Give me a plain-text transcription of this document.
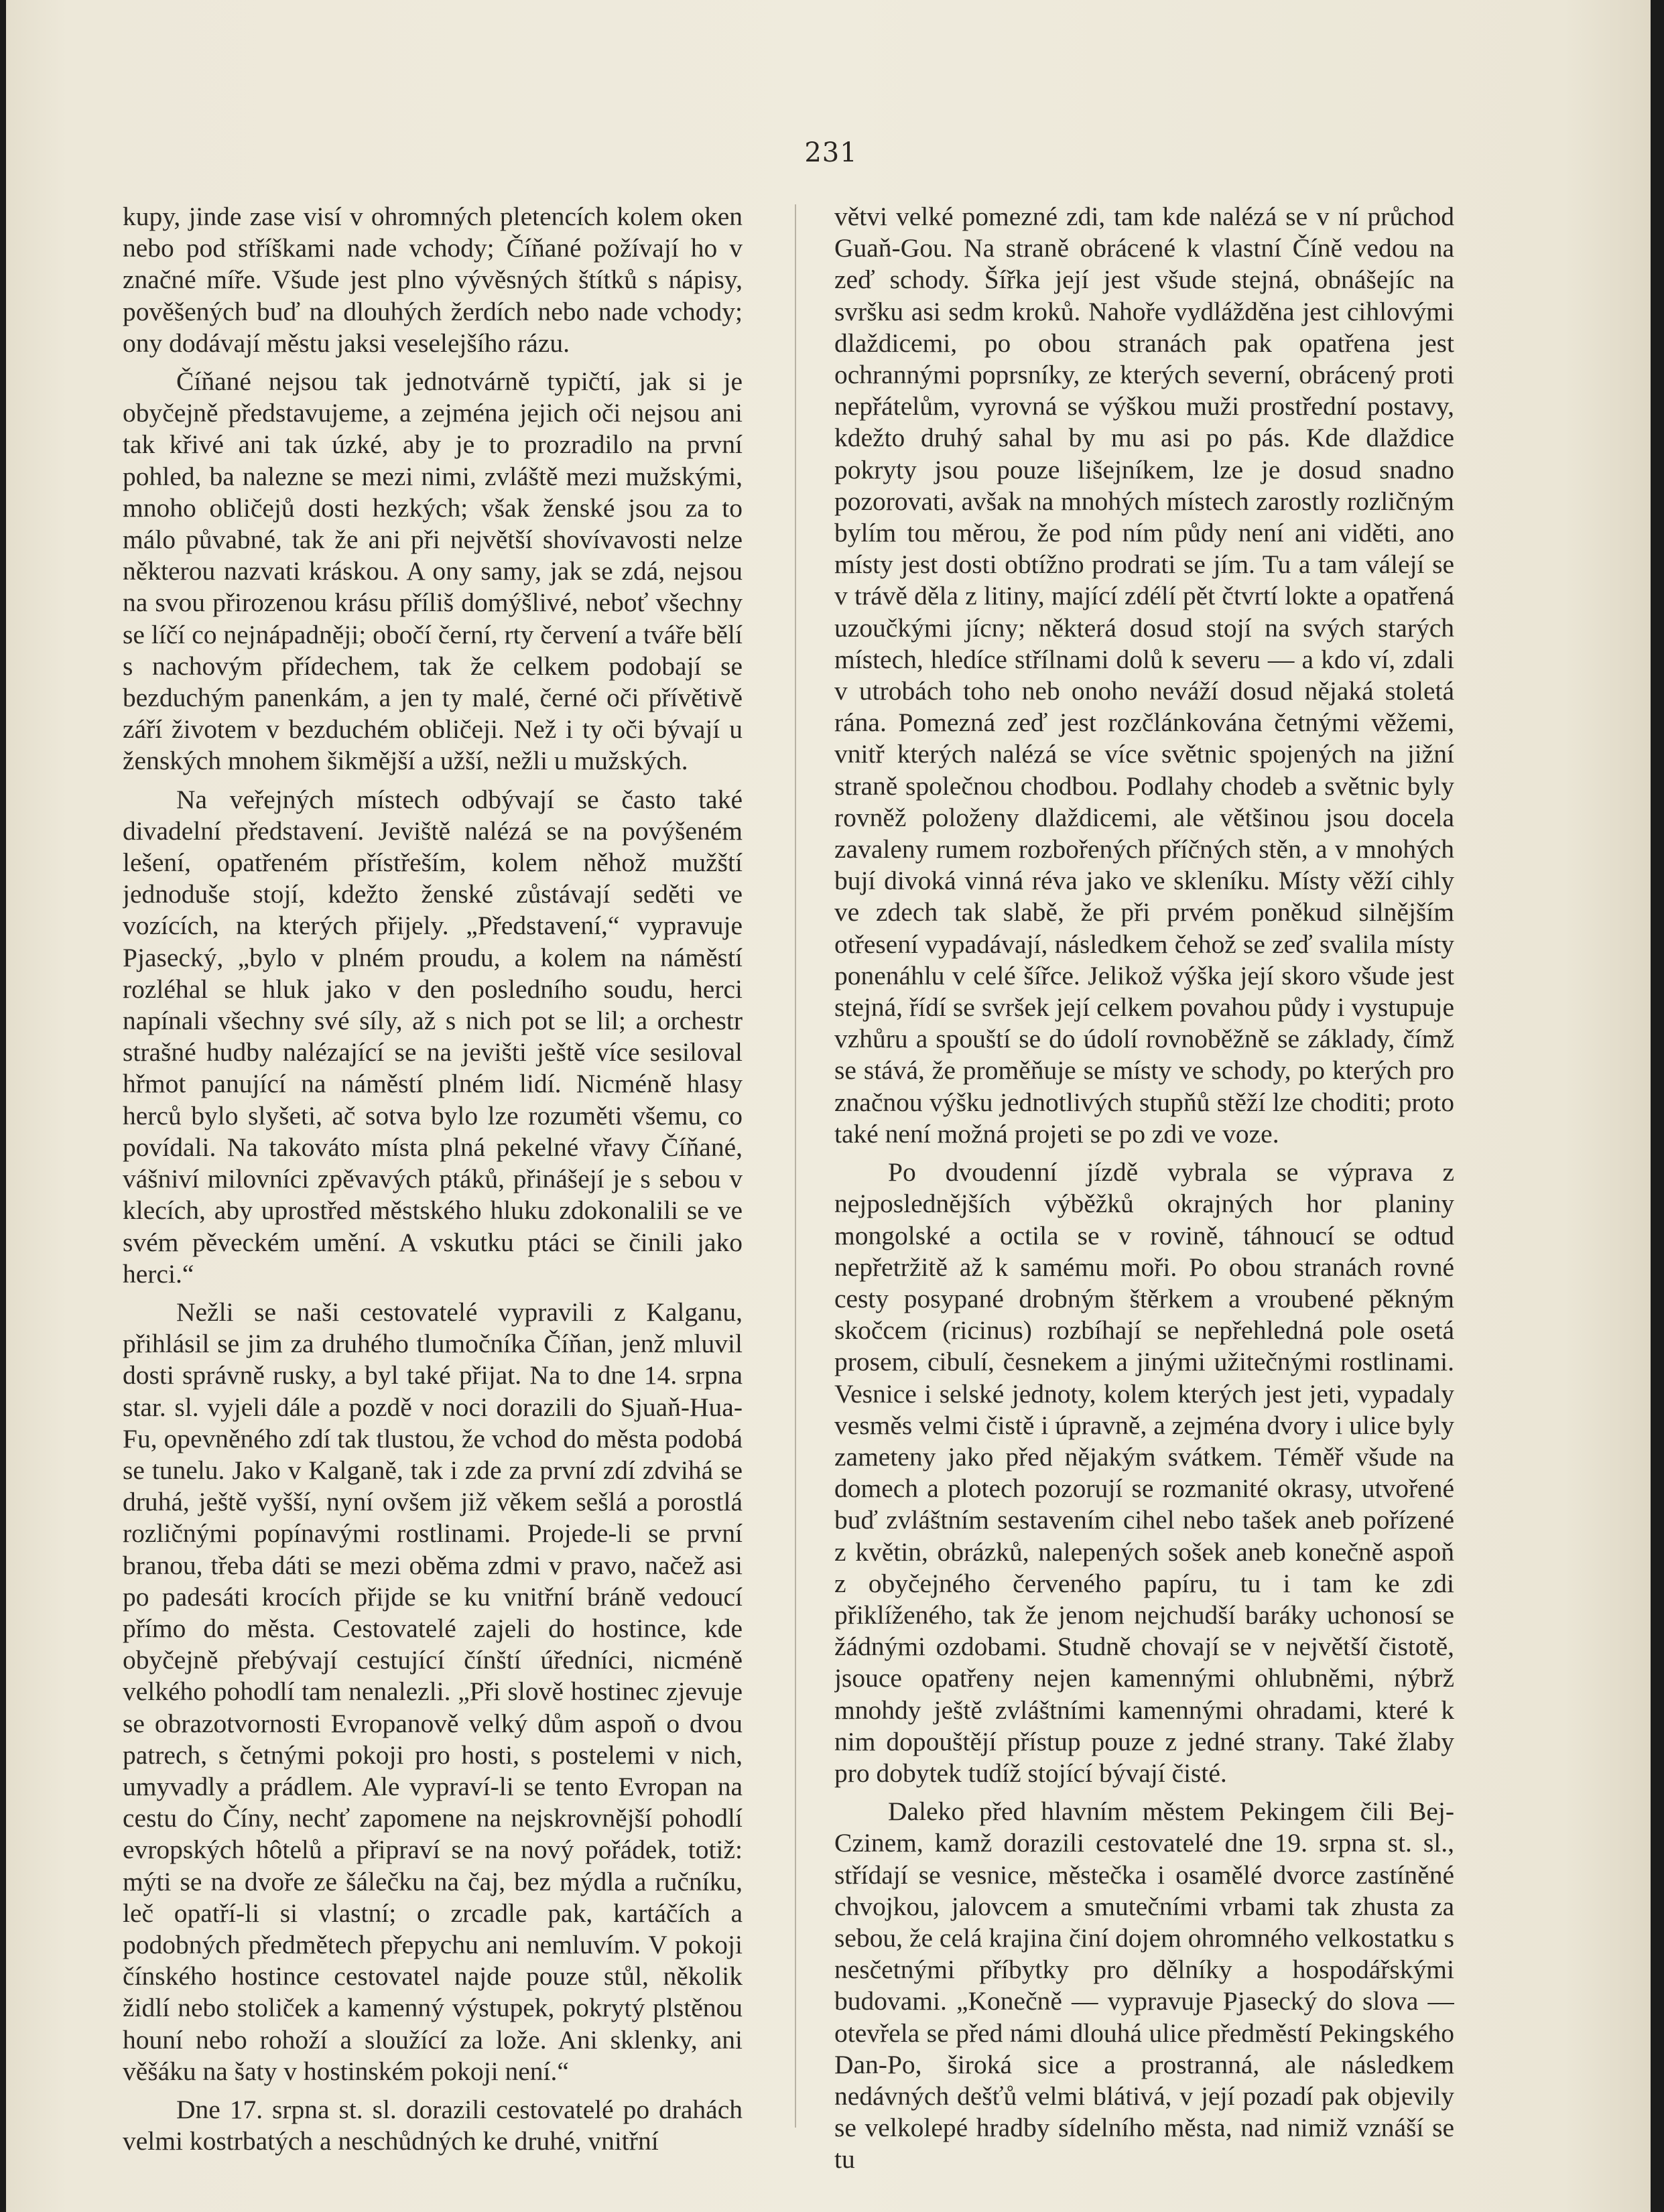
231

kupy, jinde zase visí v ohromných pletencích kolem oken nebo pod stříškami nade vchody; Číňané požívají ho v značné míře. Všude jest plno vývěsných štítků s nápisy, pověšených buď na dlouhých žerdích nebo nade vchody; ony dodávají městu jaksi veselejšího rázu.

Číňané nejsou tak jednotvárně typičtí, jak si je obyčejně představujeme, a zejména jejich oči nejsou ani tak křivé ani tak úzké, aby je to prozradilo na první pohled, ba nalezne se mezi nimi, zvláště mezi mužskými, mnoho obličejů dosti hezkých; však ženské jsou za to málo půvabné, tak že ani při největší shovívavosti nelze některou nazvati kráskou. A ony samy, jak se zdá, nejsou na svou přirozenou krásu příliš domýšlivé, neboť všechny se líčí co nejnápadněji; obočí černí, rty červení a tváře bělí s nachovým přídechem, tak že celkem podobají se bezduchým panenkám, a jen ty malé, černé oči přívětivě září životem v bezduchém obličeji. Než i ty oči bývají u ženských mnohem šikmější a užší, nežli u mužských.

Na veřejných místech odbývají se často také divadelní představení. Jeviště nalézá se na povýšeném lešení, opatřeném přístřeším, kolem něhož mužští jednoduše stojí, kdežto ženské zůstávají seděti ve vozících, na kterých přijely. „Představení,“ vypravuje Pjasecký, „bylo v plném proudu, a kolem na náměstí rozléhal se hluk jako v den posledního soudu, herci napínali všechny své síly, až s nich pot se lil; a orchestr strašné hudby nalézající se na jevišti ještě více sesiloval hřmot panující na náměstí plném lidí. Nicméně hlasy herců bylo slyšeti, ač sotva bylo lze rozuměti všemu, co povídali. Na takováto místa plná pekelné vřavy Číňané, vášniví milovníci zpěvavých ptáků, přinášejí je s sebou v klecích, aby uprostřed městského hluku zdokonalili se ve svém pěveckém umění. A vskutku ptáci se činili jako herci.“

Nežli se naši cestovatelé vypravili z Kalganu, přihlásil se jim za druhého tlumočníka Číňan, jenž mluvil dosti správně rusky, a byl také přijat. Na to dne 14. srpna star. sl. vyjeli dále a pozdě v noci dorazili do Sjuaň-Hua-Fu, opevněného zdí tak tlustou, že vchod do města podobá se tunelu. Jako v Kalganě, tak i zde za první zdí zdvihá se druhá, ještě vyšší, nyní ovšem již věkem sešlá a porostlá rozličnými popínavými rostlinami. Projede-li se první branou, třeba dáti se mezi oběma zdmi v pravo, načež asi po padesáti krocích přijde se ku vnitřní bráně vedoucí přímo do města. Cestovatelé zajeli do hostince, kde obyčejně přebývají cestující čínští úředníci, nicméně velkého pohodlí tam nenalezli. „Při slově hostinec zjevuje se obrazotvornosti Evropanově velký dům aspoň o dvou patrech, s četnými pokoji pro hosti, s postelemi v nich, umyvadly a prádlem. Ale vypraví-li se tento Evropan na cestu do Číny, nechť zapomene na nejskrovnější pohodlí evropských hôtelů a připraví se na nový pořádek, totiž: mýti se na dvoře ze šálečku na čaj, bez mýdla a ručníku, leč opatří-li si vlastní; o zrcadle pak, kartáčích a podobných předmětech přepychu ani nemluvím. V pokoji čínského hostince cestovatel najde pouze stůl, několik židlí nebo stoliček a kamenný výstupek, pokrytý plstěnou houní nebo rohoží a sloužící za lože. Ani sklenky, ani věšáku na šaty v hostinském pokoji není.“

Dne 17. srpna st. sl. dorazili cestovatelé po drahách velmi kostrbatých a neschůdných ke druhé, vnitřní

větvi velké pomezné zdi, tam kde nalézá se v ní průchod Guaň-Gou. Na straně obrácené k vlastní Číně vedou na zeď schody. Šířka její jest všude stejná, obnášejíc na svršku asi sedm kroků. Nahoře vydlážděna jest cihlovými dlaždicemi, po obou stranách pak opatřena jest ochrannými poprsníky, ze kterých severní, obrácený proti nepřátelům, vyrovná se výškou muži prostřední postavy, kdežto druhý sahal by mu asi po pás. Kde dlaždice pokryty jsou pouze lišejníkem, lze je dosud snadno pozorovati, avšak na mnohých místech zarostly rozličným bylím tou měrou, že pod ním půdy není ani viděti, ano místy jest dosti obtížno prodrati se jím. Tu a tam válejí se v trávě děla z litiny, mající zdélí pět čtvrtí lokte a opatřená uzoučkými jícny; některá dosud stojí na svých starých místech, hledíce střílnami dolů k severu — a kdo ví, zdali v utrobách toho neb onoho neváží dosud nějaká stoletá rána. Pomezná zeď jest rozčlánkována četnými věžemi, vnitř kterých nalézá se více světnic spojených na jižní straně společnou chodbou. Podlahy chodeb a světnic byly rovněž položeny dlaždicemi, ale většinou jsou docela zavaleny rumem rozbořených příčných stěn, a v mnohých bují divoká vinná réva jako ve skleníku. Místy věží cihly ve zdech tak slabě, že při prvém poněkud silnějším otřesení vypadávají, následkem čehož se zeď svalila místy ponenáhlu v celé šířce. Jelikož výška její skoro všude jest stejná, řídí se svršek její celkem povahou půdy i vystupuje vzhůru a spouští se do údolí rovnoběžně se základy, čímž se stává, že proměňuje se místy ve schody, po kterých pro značnou výšku jednotlivých stupňů stěží lze choditi; proto také není možná projeti se po zdi ve voze.

Po dvoudenní jízdě vybrala se výprava z nejposlednějších výběžků okrajných hor planiny mongolské a octila se v rovině, táhnoucí se odtud nepřetržitě až k samému moři. Po obou stranách rovné cesty posypané drobným štěrkem a vroubené pěkným skočcem (ricinus) rozbíhají se nepřehledná pole osetá prosem, cibulí, česnekem a jinými užitečnými rostlinami. Vesnice i selské jednoty, kolem kterých jest jeti, vypadaly vesměs velmi čistě i úpravně, a zejména dvory i ulice byly zameteny jako před nějakým svátkem. Téměř všude na domech a plotech pozorují se rozmanité okrasy, utvořené buď zvláštním sestavením cihel nebo tašek aneb pořízené z květin, obrázků, nalepených sošek aneb konečně aspoň z obyčejného červeného papíru, tu i tam ke zdi přiklíženého, tak že jenom nejchudší baráky uchonosí se žádnými ozdobami. Studně chovají se v největší čistotě, jsouce opatřeny nejen kamennými ohlubněmi, nýbrž mnohdy ještě zvláštními kamennými ohradami, které k nim dopouštějí přístup pouze z jedné strany. Také žlaby pro dobytek tudíž stojící bývají čisté.

Daleko před hlavním městem Pekingem čili Bej-Czinem, kamž dorazili cestovatelé dne 19. srpna st. sl., střídají se vesnice, městečka i osamělé dvorce zastíněné chvojkou, jalovcem a smutečními vrbami tak zhusta za sebou, že celá krajina činí dojem ohromného velkostatku s nesčetnými příbytky pro dělníky a hospodářskými budovami. „Konečně — vypravuje Pjasecký do slova — otevřela se před námi dlouhá ulice předměstí Pekingského Dan-Po, široká sice a prostranná, ale následkem nedávných dešťů velmi blátivá, v její pozadí pak objevily se velkolepé hradby sídelního města, nad nimiž vznáší se tu
